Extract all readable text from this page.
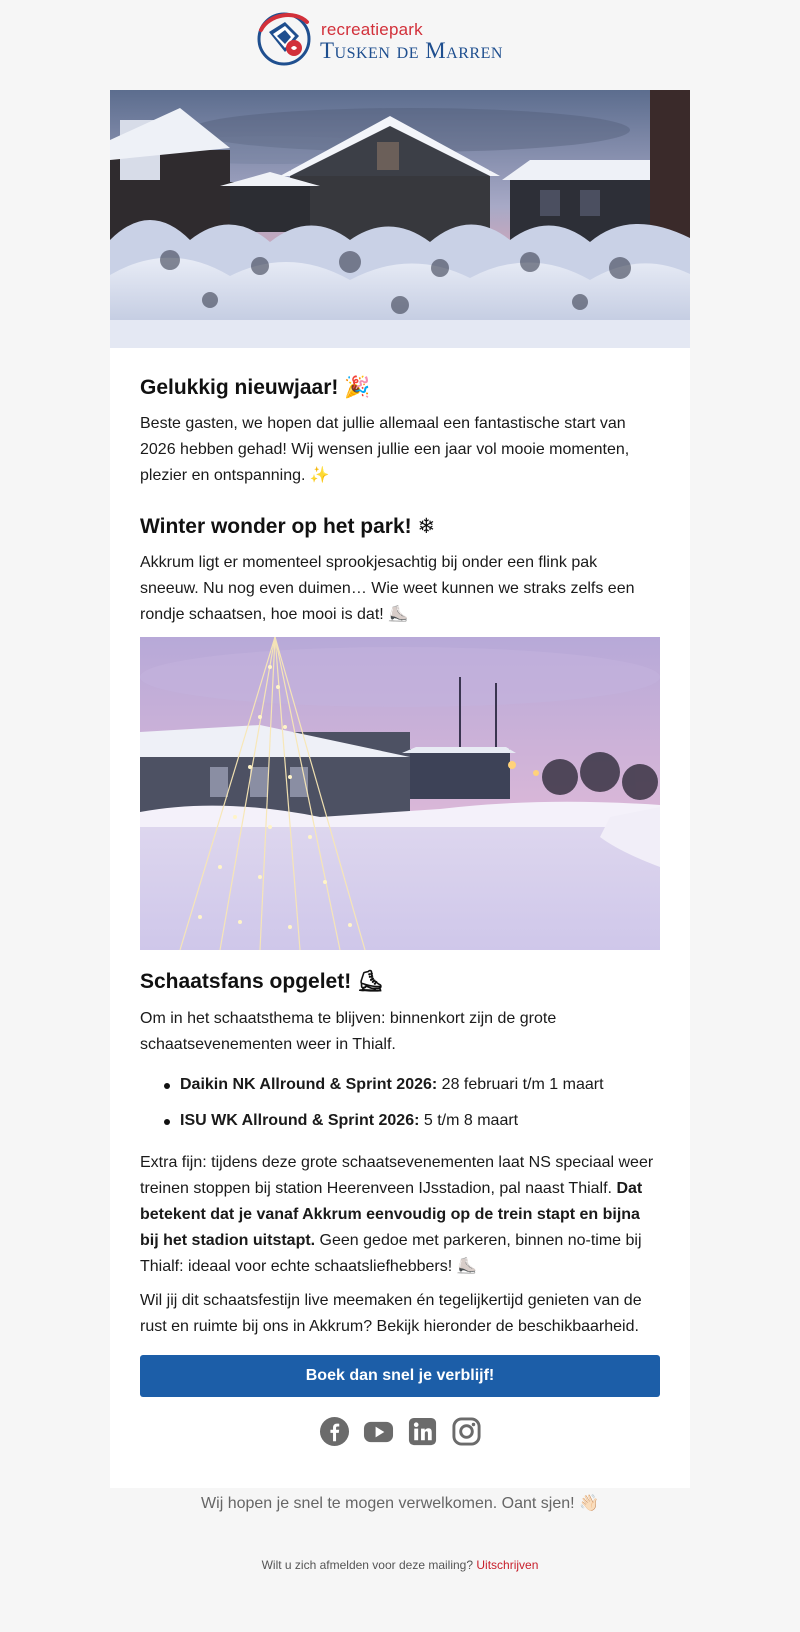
recreatiepark
Tusken de Marren
Gelukkig nieuwjaar! 🎉

Beste gasten, we hopen dat jullie allemaal een fantastische start van 2026 hebben gehad! Wij wensen jullie een jaar vol mooie momenten, plezier en ontspanning. ✨

Winter wonder op het park! ❄

Akkrum ligt er momenteel sprookjesachtig bij onder een flink pak sneeuw. Nu nog even duimen… Wie weet kunnen we straks zelfs een rondje schaatsen, hoe mooi is dat! ⛸️

Schaatsfans opgelet! ⛸

Om in het schaatsthema te blijven: binnenkort zijn de grote schaatsevenementen weer in Thialf.

Daikin NK Allround & Sprint 2026: 28 februari t/m 1 maart
ISU WK Allround & Sprint 2026: 5 t/m 8 maart

Extra fijn: tijdens deze grote schaatsevenementen laat NS speciaal weer treinen stoppen bij station Heerenveen IJsstadion, pal naast Thialf. Dat betekent dat je vanaf Akkrum eenvoudig op de trein stapt en bijna bij het stadion uitstapt. Geen gedoe met parkeren, binnen no-time bij Thialf: ideaal voor echte schaatsliefhebbers! ⛸️

Wil jij dit schaatsfestijn live meemaken én tegelijkertijd genieten van de rust en ruimte bij ons in Akkrum? Bekijk hieronder de beschikbaarheid.

Boek dan snel je verblijf!
Wij hopen je snel te mogen verwelkomen. Oant sjen! 👋🏻
Wilt u zich afmelden voor deze mailing? Uitschrijven
